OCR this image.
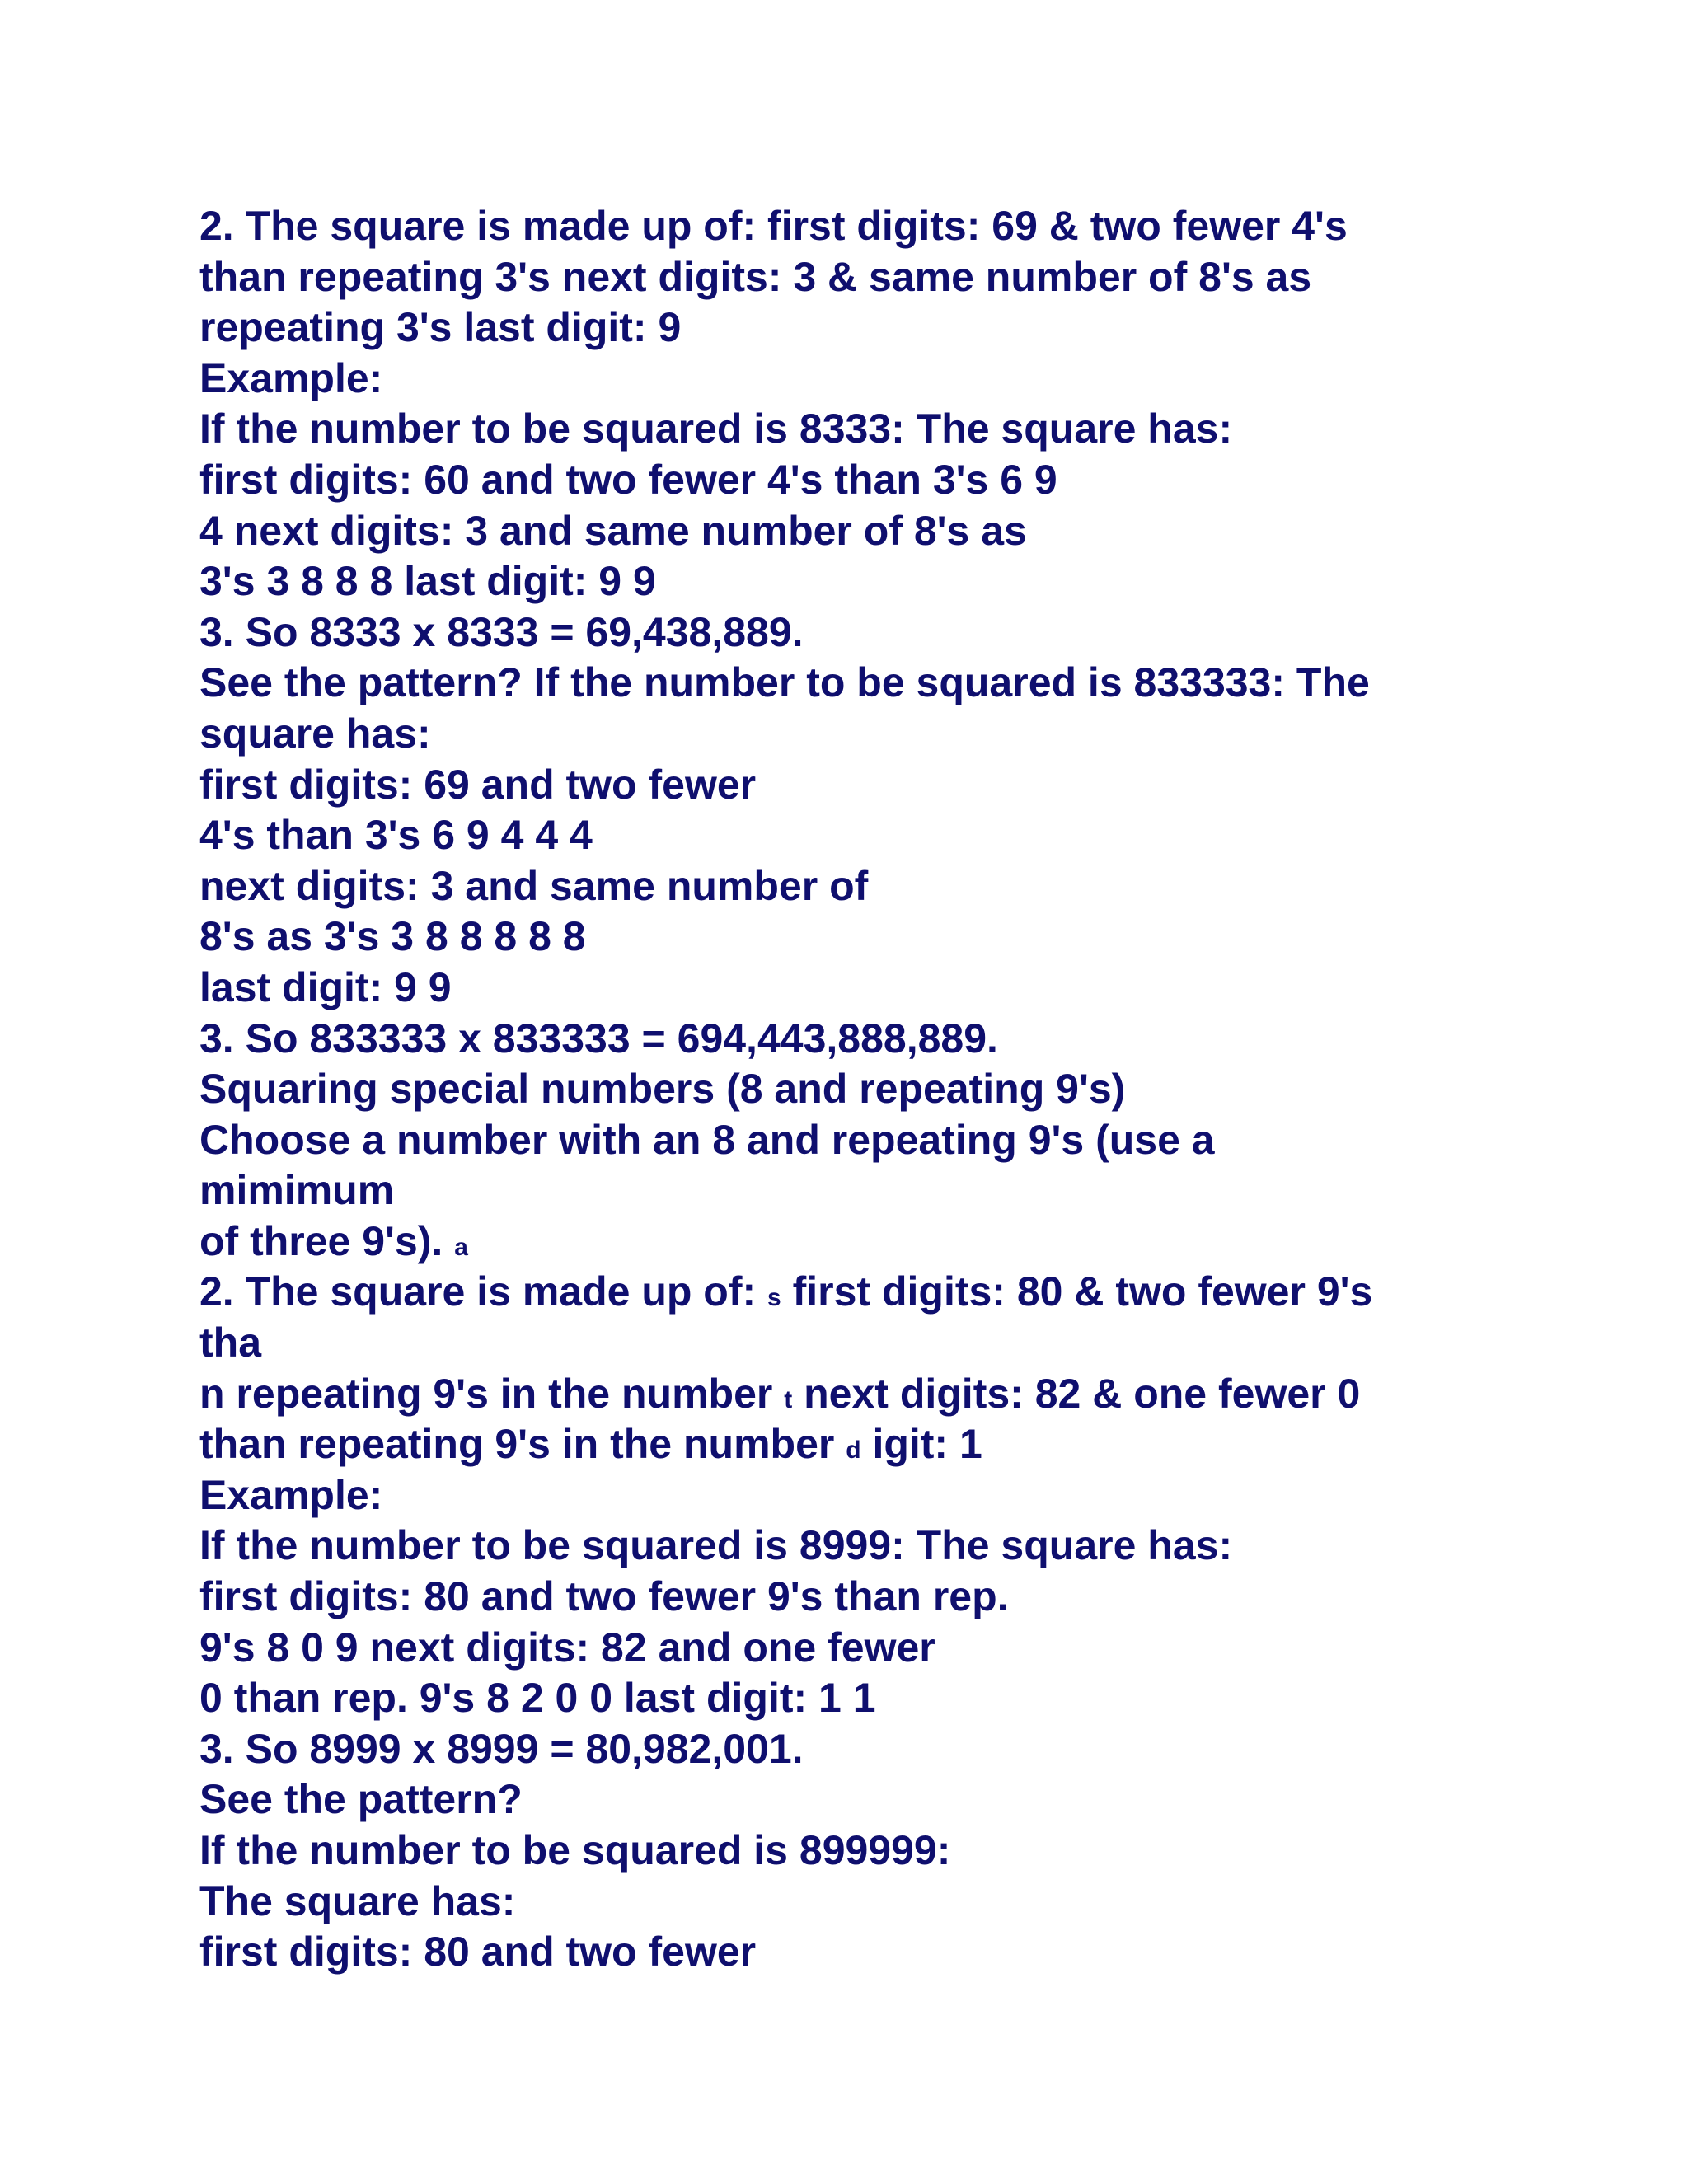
2. The square is made up of: first digits: 69 & two fewer 4's
than repeating 3's next digits: 3 & same number of 8's as
repeating 3's last digit: 9
Example:
If the number to be squared is 8333: The square has:
first digits: 60 and two fewer 4's than 3's 6 9
4 next digits: 3 and same number of 8's as
3's 3 8 8 8 last digit: 9 9
3. So 8333 x 8333 = 69,438,889.
See the pattern? If the number to be squared is 833333: The
square has:
first digits: 69 and two fewer
4's than 3's 6 9 4 4 4
next digits: 3 and same number of
8's as 3's 3 8 8 8 8 8
last digit: 9 9
3. So 833333 x 833333 = 694,443,888,889.
Squaring special numbers (8 and repeating 9's)
Choose a number with an 8 and repeating 9's (use a
mimimum
of three 9's). a
2. The square is made up of: s first digits: 80 & two fewer 9's
tha
n repeating 9's in the number t next digits: 82 & one fewer 0
than repeating 9's in the number d igit: 1
Example:
If the number to be squared is 8999: The square has:
first digits: 80 and two fewer 9's than rep.
9's 8 0 9 next digits: 82 and one fewer
0 than rep. 9's 8 2 0 0 last digit: 1 1
3. So 8999 x 8999 = 80,982,001.
See the pattern?
If the number to be squared is 899999:
The square has:
first digits: 80 and two fewer
